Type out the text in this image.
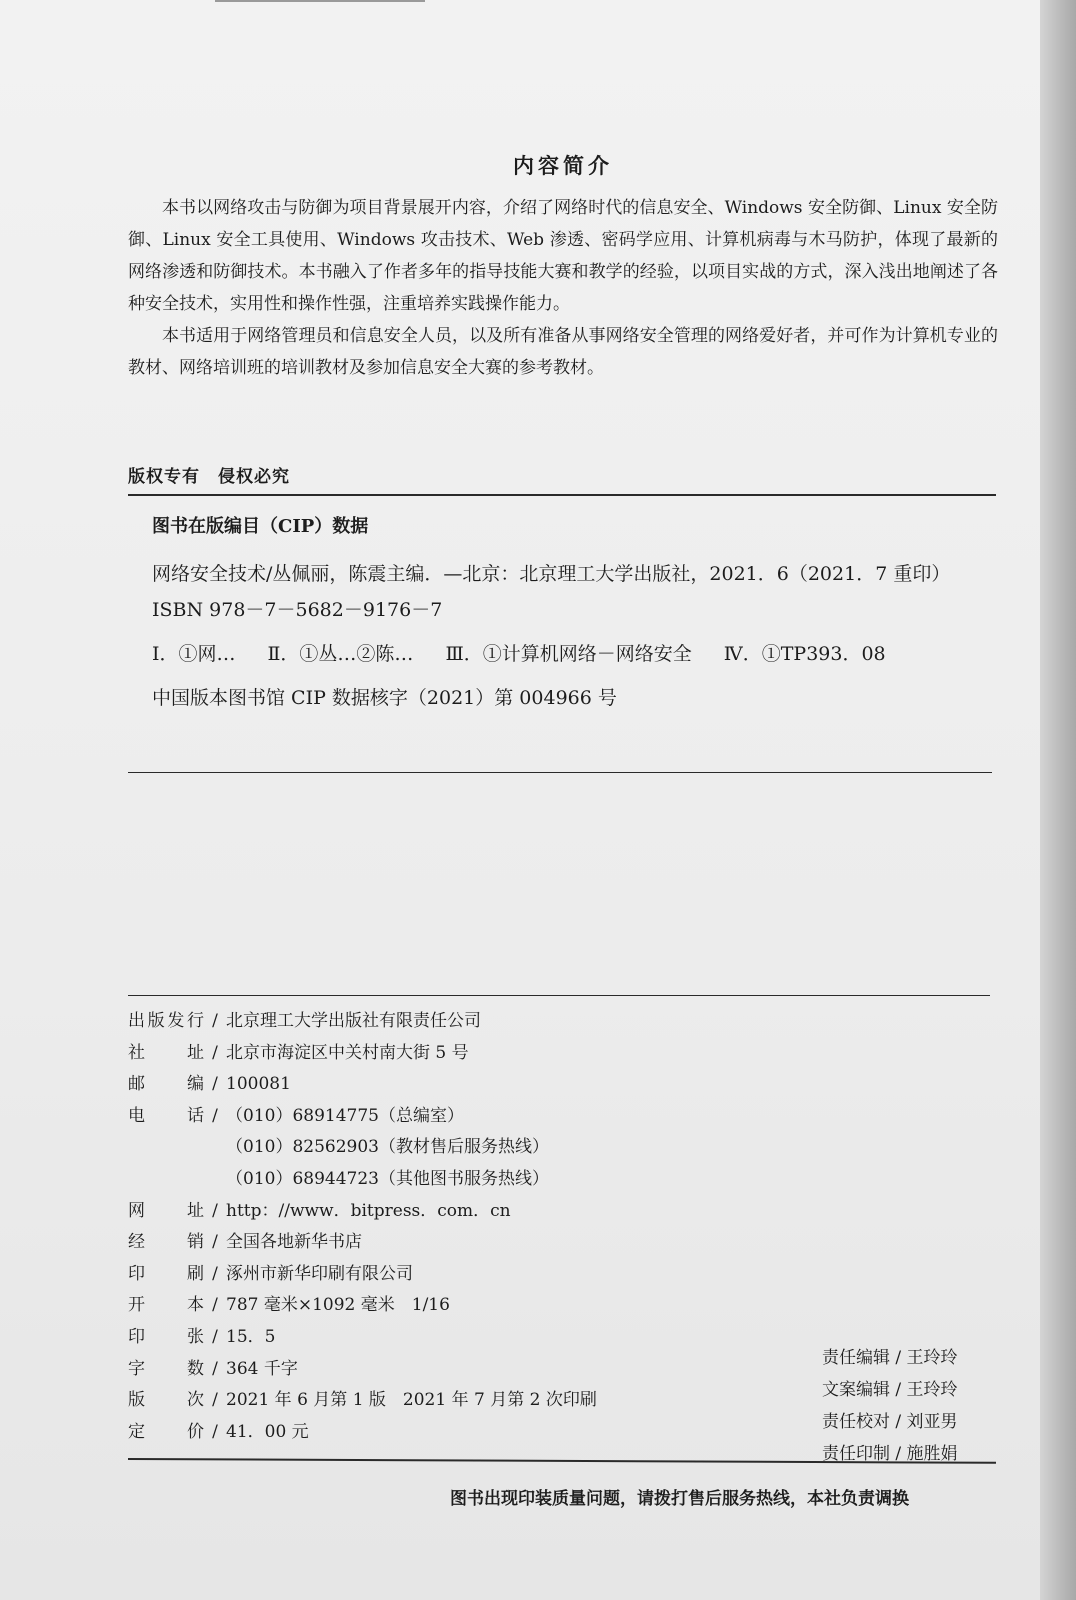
内容简介

本书以网络攻击与防御为项目背景展开内容，介绍了网络时代的信息安全、Windows 安全防御、Linux 安全防御、Linux 安全工具使用、Windows 攻击技术、Web 渗透、密码学应用、计算机病毒与木马防护，体现了最新的网络渗透和防御技术。本书融入了作者多年的指导技能大赛和教学的经验，以项目实战的方式，深入浅出地阐述了各种安全技术，实用性和操作性强，注重培养实践操作能力。

本书适用于网络管理员和信息安全人员，以及所有准备从事网络安全管理的网络爱好者，并可作为计算机专业的教材、网络培训班的培训教材及参加信息安全大赛的参考教材。

版权专有　侵权必究
图书在版编目（CIP）数据

网络安全技术/丛佩丽，陈震主编．—北京：北京理工大学出版社，2021．6（2021．7 重印）

ISBN 978－7－5682－9176－7

Ⅰ．①网… Ⅱ．①丛…②陈… Ⅲ．①计算机网络－网络安全 Ⅳ．①TP393．08

中国版本图书馆 CIP 数据核字（2021）第 004966 号

出 版 发 行 / 北京理工大学出版社有限责任公司
社 址 / 北京市海淀区中关村南大街 5 号
邮 编 / 100081
电 话 / （010）68914775（总编室）
（010）82562903（教材售后服务热线）
（010）68944723（其他图书服务热线）
网 址 / http：//www．bitpress．com．cn
经 销 / 全国各地新华书店
印 刷 / 涿州市新华印刷有限公司
开 本 / 787 毫米×1092 毫米　1/16
印 张 / 15．5
字 数 / 364 千字
版 次 / 2021 年 6 月第 1 版　2021 年 7 月第 2 次印刷
定 价 / 41．00 元
责任编辑 / 王玲玲
文案编辑 / 王玲玲
责任校对 / 刘亚男
责任印制 / 施胜娟
图书出现印装质量问题，请拨打售后服务热线，本社负责调换
